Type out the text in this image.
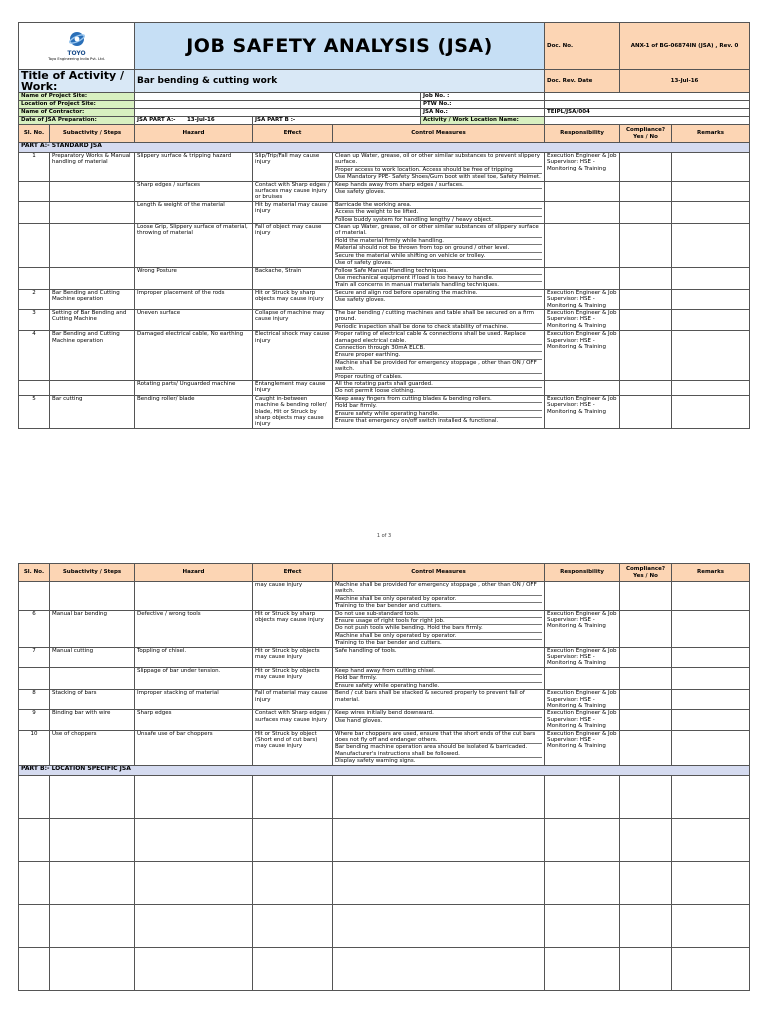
TOYO
Toyo Engineering India Pvt. Ltd.		JOB SAFETY ANALYSIS (JSA)				Doc. No.	ANX-1 of BG-06874IN (JSA) , Rev. 0	
Title of Activity / Work:		Bar bending & cutting work				Doc. Rev. Date	13-Jul-16	
Name of Project Site:					Job No. :			
Location of Project Site:					PTW No.:			
Name of Contractor:					JSA No.:	TEIPL/JSA/004		
Date of JSA Preparation:		JSA PART A:- 13-Jul-16	JSA PART B :-		Activity / Work Location Name:			
Sl. No.	Subactivity / Steps	Hazard	Effect	Control Measures		Responsibility	Compliance? Yes / No	Remarks
PART A:- STANDARD JSA								
1	Preparatory Works & Manual handling of material	Slippery surface & tripping hazard	Slip/Trip/Fall may cause injury	Clean up Water, grease, oil or other similar substances to prevent slippery surface.
Proper access to work location. Access should be free of tripping
Use Mandatory PPE- Safety Shoes/Gum boot with steel toe, Safety Helmet.		Execution Engineer & Job Supervisor: HSE - Monitoring & Training		
		Sharp edges / surfaces	Contact with Sharp edges / surfaces may cause injury or bruises	Keep hands away from sharp edges / surfaces.
Use safety gloves.				

		Length & weight of the material	Hit by material may cause injury	Barricade the working area.
Access the weight to be lifted.
Follow buddy system for handling lengthy / heavy object.				

		Loose Grip, Slippery surface of material, throwing of material	Fall of object may cause injury	Clean up Water, grease, oil or other similar substances of slippery surface of material.
Hold the material firmly while handling.
Material should not be thrown from top on ground / other level.
Secure the material while shifting on vehicle or trolley.
Use of safety gloves.				

		Wrong Posture	Backache, Strain	Follow Safe Manual Handling techniques.
Use mechanical equipment if load is too heavy to handle.
Train all concerns in manual materials handling techniques.				

2	Bar Bending and Cutting Machine operation	Improper placement of the rods	Hit or Struck by sharp objects may cause injury	Secure and align rod before operating the machine.
Use safety gloves.		Execution Engineer & Job Supervisor: HSE - Monitoring & Training		
3	Setting of Bar Bending and Cutting Machine	Uneven surface	Collapse of machine may cause injury	The bar bending / cutting machines and table shall be secured on a firm ground.
Periodic inspection shall be done to check stability of machine.		Execution Engineer & Job Supervisor: HSE - Monitoring & Training		
4	Bar Bending and Cutting Machine operation	Damaged electrical cable, No earthing	Electrical shock may cause injury	Proper rating of electrical cable & connections shall be used. Replace damaged electrical cable.
Connection through 30mA ELCB.
Ensure proper earthing.
Machine shall be provided for emergency stoppage , other than ON / OFF switch.
Proper routing of cables.		Execution Engineer & Job Supervisor: HSE - Monitoring & Training		
		Rotating parts/ Unguarded machine	Entanglement may cause injury	All the rotating parts shall guarded.
Do not permit loose clothing.				

5	Bar cutting	Bending roller/ blade	Caught in-between machine & bending roller/ blade, Hit or Struck by sharp objects may cause injury	Keep away fingers from cutting blades & bending rollers.
Hold bar firmly.
Ensure safety while operating handle.
Ensure that emergency on/off switch installed & functional.		Execution Engineer & Job Supervisor: HSE - Monitoring & Training		
1 of 3
Sl. No.	Subactivity / Steps	Hazard	Effect	Control Measures	Responsibility	Compliance? Yes / No	Remarks
			may cause injury	Machine shall be provided for emergency stoppage , other than ON / OFF switch.
Machine shall be only operated by operator.
Training to the bar bender and cutters.			

6	Manual bar bending	Defective / wrong tools	Hit or Struck by sharp objects may cause injury	Do not use sub-standard tools.
Ensure usage of right tools for right job.
Do not push tools while bending. Hold the bars firmly.
Machine shall be only operated by operator.
Training to the bar bender and cutters.	Execution Engineer & Job Supervisor: HSE - Monitoring & Training		
7	Manual cutting	Toppling of chisel.	Hit or Struck by objects may cause injury	Safe handling of tools.	Execution Engineer & Job Supervisor: HSE - Monitoring & Training		
		Slippage of bar under tension.	Hit or Struck by objects may cause injury	Keep hand away from cutting chisel.
Hold bar firmly.
Ensure safety while operating handle.			

8	Stacking of bars	Improper stacking of material	Fall of material may cause injury	Bend / cut bars shall be stacked & secured properly to prevent fall of material.	Execution Engineer & Job Supervisor: HSE - Monitoring & Training		
9	Binding bar with wire	Sharp edges	Contact with Sharp edges / surfaces may cause injury	Keep wires initially bend downward.
Use hand gloves.	Execution Engineer & Job Supervisor: HSE - Monitoring & Training		
10	Use of choppers	Unsafe use of bar choppers	Hit or Struck by object (Short end of cut bars) may cause injury	Where bar choppers are used, ensure that the short ends of the cut bars does not fly off and endanger others.
Bar bending machine operation area should be isolated & barricaded. Manufacturer's instructions shall be followed.
Display safety warning signs.	Execution Engineer & Job Supervisor: HSE - Monitoring & Training		
PART B:- LOCATION SPECIFIC JSA							
